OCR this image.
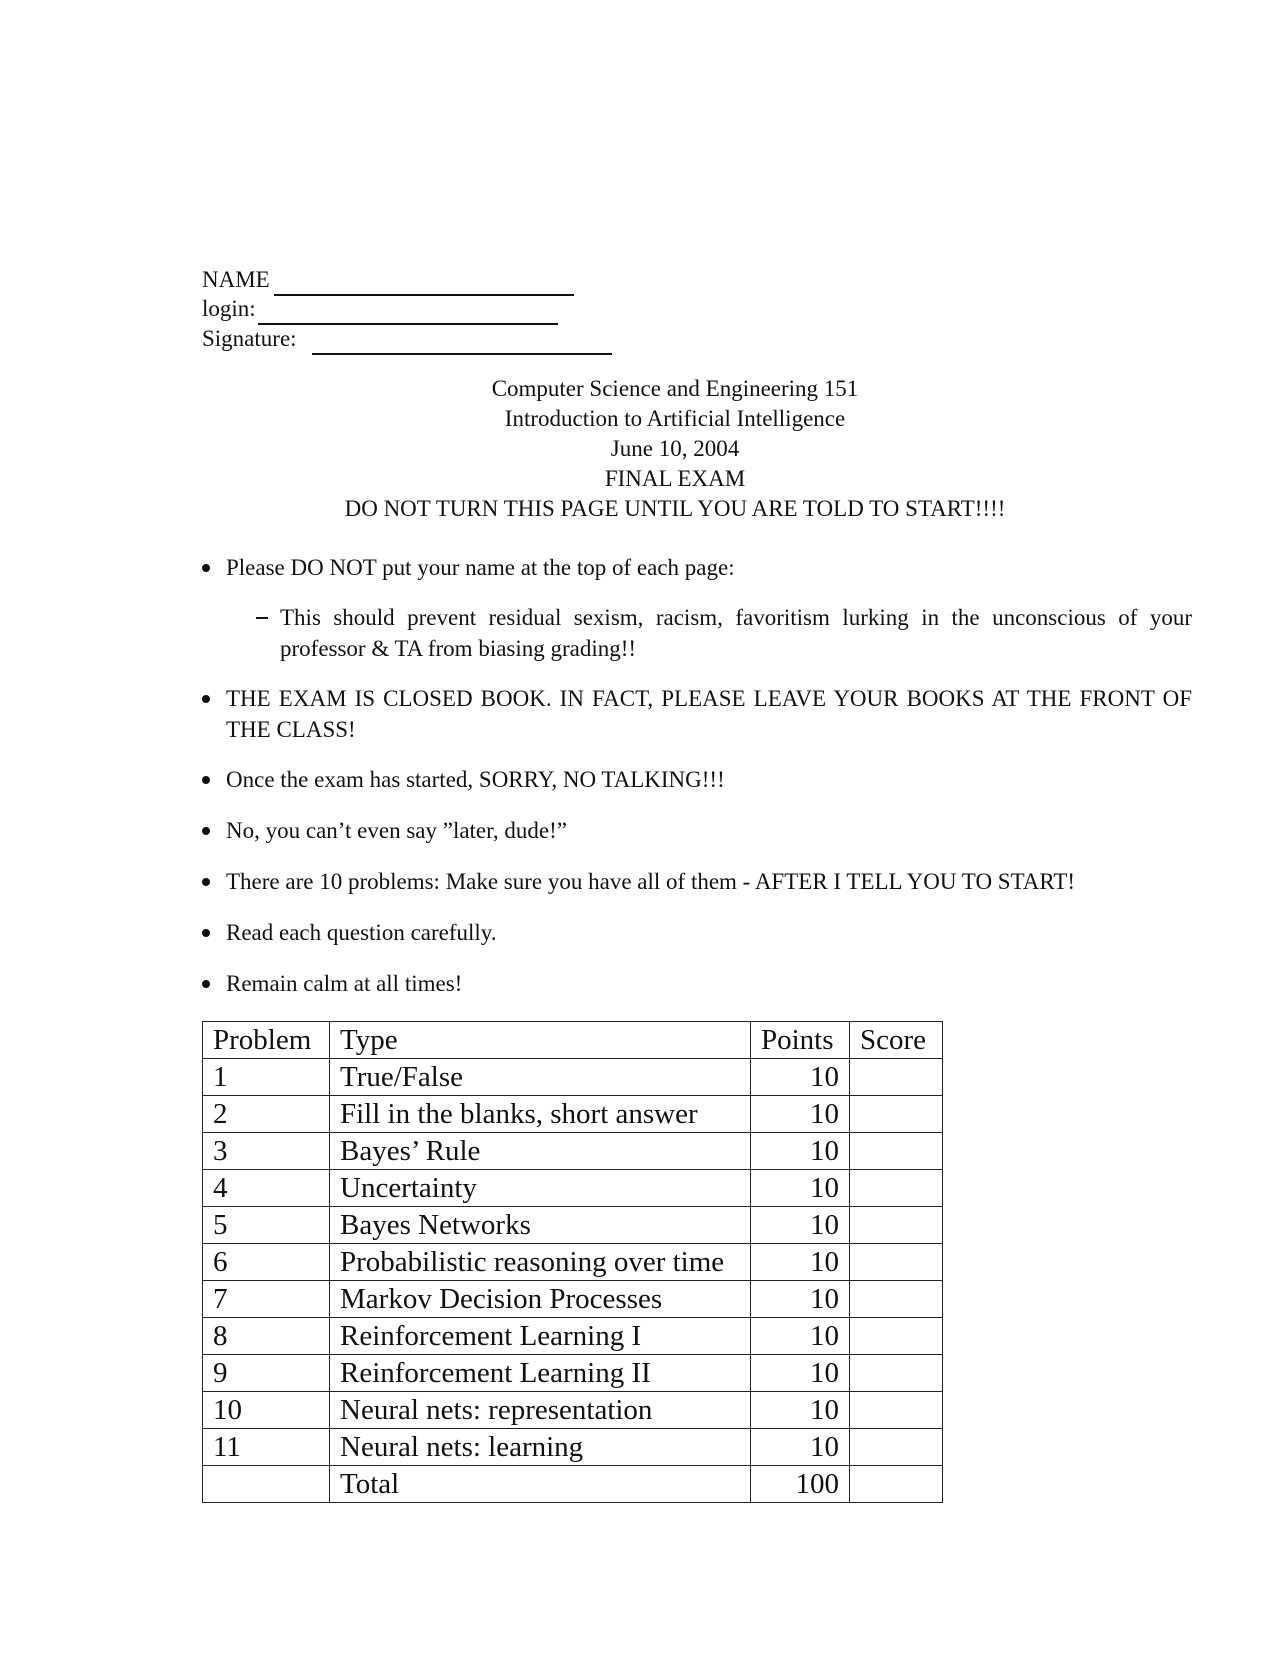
NAME
login:
Signature:
Computer Science and Engineering 151
Introduction to Artificial Intelligence
June 10, 2004
FINAL EXAM
DO NOT TURN THIS PAGE UNTIL YOU ARE TOLD TO START!!!!
Please DO NOT put your name at the top of each page:
This should prevent residual sexism, racism, favoritism lurking in the unconscious of your professor & TA from biasing grading!!
THE EXAM IS CLOSED BOOK. IN FACT, PLEASE LEAVE YOUR BOOKS AT THE FRONT OF THE CLASS!
Once the exam has started, SORRY, NO TALKING!!!
No, you can’t even say ”later, dude!”
There are 10 problems: Make sure you have all of them - AFTER I TELL YOU TO START!
Read each question carefully.
Remain calm at all times!
Problem	Type	Points	Score
1	True/False	10	
2	Fill in the blanks, short answer	10	
3	Bayes’ Rule	10	
4	Uncertainty	10	
5	Bayes Networks	10	
6	Probabilistic reasoning over time	10	
7	Markov Decision Processes	10	
8	Reinforcement Learning I	10	
9	Reinforcement Learning II	10	
10	Neural nets: representation	10	
11	Neural nets: learning	10	
	Total	100	
